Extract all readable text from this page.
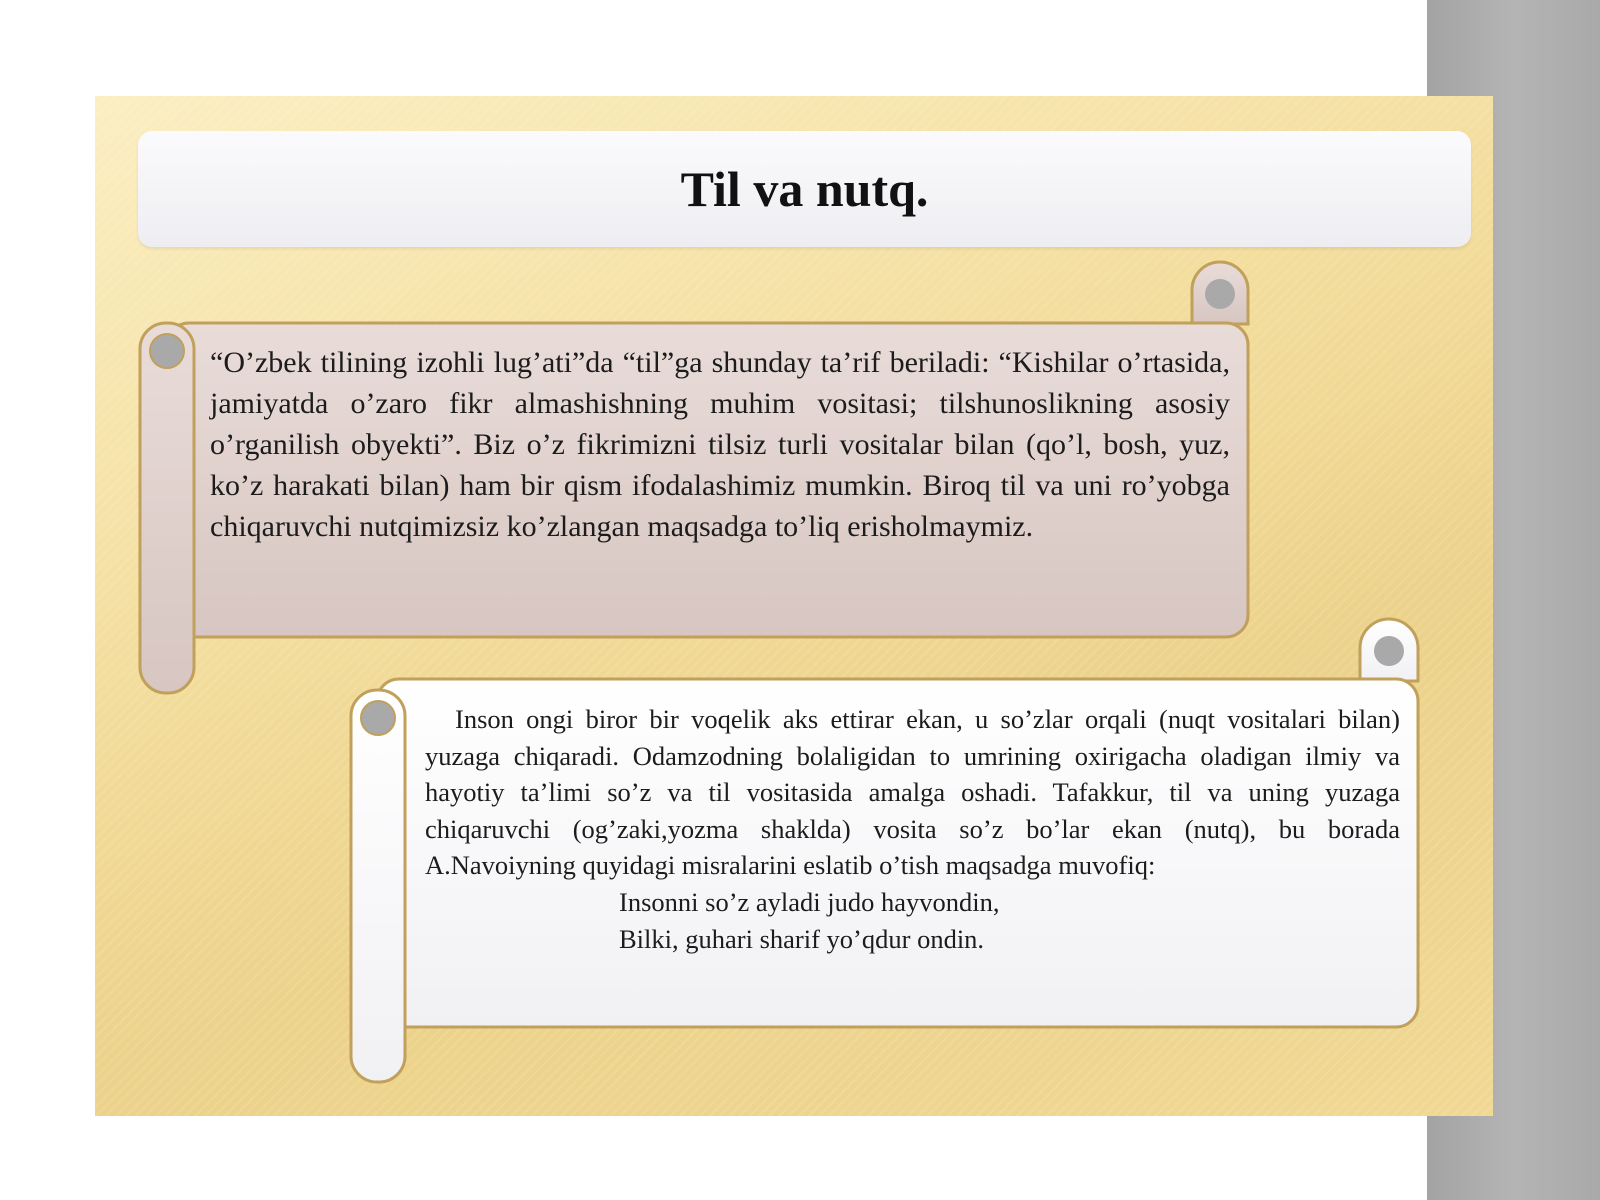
Til va nutq.
“O’zbek tilining izohli lug’ati”da “til”ga shunday ta’rif beriladi: “Kishilar o’rtasida, jamiyatda o’zaro fikr almashishning muhim vositasi; tilshunoslikning asosiy o’rganilish obyekti”. Biz o’z fikrimizni tilsiz turli vositalar bilan (qo’l, bosh, yuz, ko’z harakati bilan) ham bir qism ifodalashimiz mumkin. Biroq til va uni ro’yobga chiqaruvchi nutqimizsiz ko’zlangan maqsadga to’liq erisholmaymiz.

Inson ongi biror bir voqelik aks ettirar ekan, u so’zlar orqali (nuqt vositalari bilan) yuzaga chiqaradi. Odamzodning bolaligidan to umrining oxirigacha oladigan ilmiy va hayotiy ta’limi so’z va til vositasida amalga oshadi. Tafakkur, til va uning yuzaga chiqaruvchi (og’zaki,yozma shaklda) vosita so’z bo’lar ekan (nutq), bu borada A.Navoiyning quyidagi misralarini eslatib o’tish maqsadga muvofiq:

Insonni so’z ayladi judo hayvondin,
Bilki, guhari sharif yo’qdur ondin.
